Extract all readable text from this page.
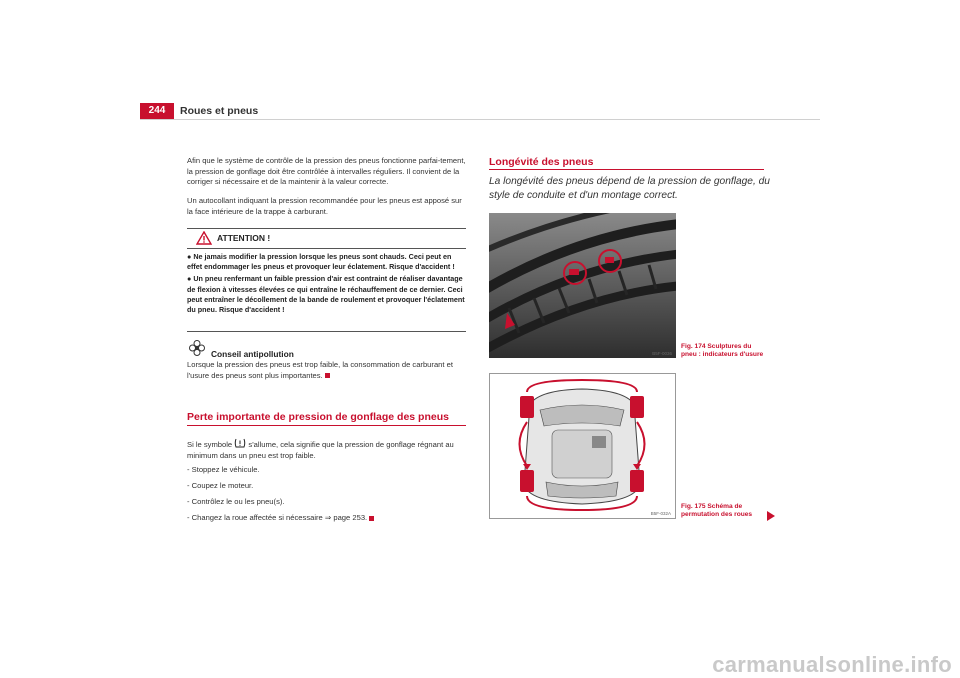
244	Roues et pneus

Afin que le système de contrôle de la pression des pneus fonctionne parfai-tement, la pression de gonflage doit être contrôlée à intervalles réguliers. Il convient de la corriger si nécessaire et de la maintenir à la valeur correcte.

Un autocollant indiquant la pression recommandée pour les pneus est apposé sur la face intérieure de la trappe à carburant.

ATTENTION !

● Ne jamais modifier la pression lorsque les pneus sont chauds. Ceci peut en effet endommager les pneus et provoquer leur éclatement. Risque d'accident !

● Un pneu renfermant un faible pression d'air est contraint de réaliser davantage de flexion à vitesses élevées ce qui entraîne le réchauffement de ce dernier. Ceci peut entraîner le décollement de la bande de roulement et provoquer l'éclatement du pneu. Risque d'accident !

Conseil antipollution

Lorsque la pression des pneus est trop faible, la consommation de carburant et l'usure des pneus sont plus importantes.

Perte importante de pression de gonflage des pneus

Si le symbole s'allume, cela signifie que la pression de gonflage régnant au minimum dans un pneu est trop faible.

- Stoppez le véhicule.

- Coupez le moteur.

- Contrôlez le ou les pneu(s).

- Changez la roue affectée si nécessaire ⇒ page 253.

Longévité des pneus
La longévité des pneus dépend de la pression de gonflage, du style de conduite et d'un montage correct.
B5F-0036
Fig. 174 Sculptures du
pneu : indicateurs d'usure
B5F-032A
Fig. 175 Schéma de
permutation des roues
carmanualsonline.info
